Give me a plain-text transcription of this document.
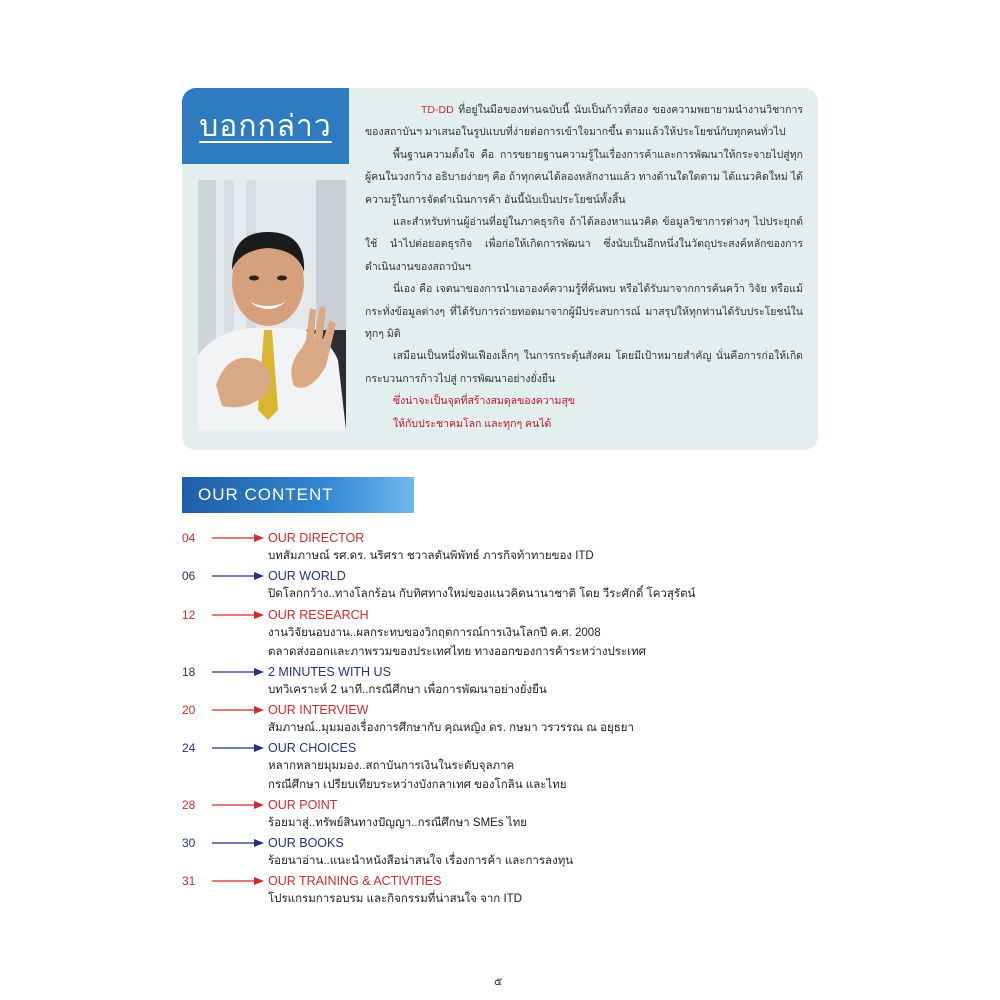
บอกกล่าว	TD-DD ที่อยู่ในมือของท่านฉบับนี้ นับเป็นก้าวที่สอง ของความพยายามนำงานวิชาการของสถาบันฯ มาเสนอในรูปแบบที่ง่ายต่อการเข้าใจมากขึ้น ตามแล้วให้ประโยชน์กับทุกคนทั่วไป

พื้นฐานความตั้งใจ คือ การขยายฐานความรู้ในเรื่องการค้าและการพัฒนาให้กระจายไปสู่ทุกผู้คนในวงกว้าง อธิบายง่ายๆ คือ ถ้าทุกคนได้ลองหลักงานแล้ว ทางด้านใดใดตาม ได้แนวคิดใหม่ ได้ความรู้ในการจัดดำเนินการค้า อันนี้นับเป็นประโยชน์ทั้งสิ้น

และสำหรับท่านผู้อ่านที่อยู่ในภาคธุรกิจ ถ้าได้ลองหาแนวคิด ข้อมูลวิชาการต่างๆ ไปประยุกต์ใช้ นำไปต่อยอดธุรกิจ เพื่อก่อให้เกิดการพัฒนา ซึ่งนับเป็นอีกหนึ่งในวัตถุประสงค์หลักของการดำเนินงานของสถาบันฯ

นี่เอง คือ เจตนาของการนำเอาองค์ความรู้ที่ค้นพบ หรือได้รับมาจากการค้นคว้า วิจัย หรือแม้กระทั่งข้อมูลต่างๆ ที่ได้รับการถ่ายทอดมาจากผู้มีประสบการณ์ มาสรุปให้ทุกท่านได้รับประโยชน์ในทุกๆ มิติ

เสมือนเป็นหนึ่งฟันเฟืองเล็กๆ ในการกระตุ้นสังคม โดยมีเป้าหมายสำคัญ นั่นคือการก่อให้เกิดกระบวนการก้าวไปสู่ การพัฒนาอย่างยั่งยืน

ซึ่งน่าจะเป็นจุดที่สร้างสมดุลของความสุข

ให้กับประชาคมโลก และทุกๆ คนได้

OUR CONTENT
04	OUR DIRECTOR
บทสัมภาษณ์ รศ.ดร. นริศรา ชวาลตันพิพัทธ์ ภารกิจท้าทายของ ITD
06	OUR WORLD
ปิดโลกกว้าง..ทางโลกร้อน กับทิศทางใหม่ของแนวคิดนานาชาติ โดย วีระศักดิ์ โควสุรัตน์
12	OUR RESEARCH
งานวิจัยนอบงาน..ผลกระทบของวิกฤตการณ์การเงินโลกปี ค.ศ. 2008
ตลาดส่งออกและภาพรวมของประเทศไทย ทางออกของการค้าระหว่างประเทศ
18	2 MINUTES WITH US
บทวิเคราะห์ 2 นาที..กรณีศึกษา เพื่อการพัฒนาอย่างยั่งยืน
20	OUR INTERVIEW
สัมภาษณ์..มุมมองเรื่องการศึกษากับ คุณหญิง ดร. กษมา วรวรรณ ณ อยุธยา
24	OUR CHOICES
หลากหลายมุมมอง..สถาบันการเงินในระดับจุลภาค
กรณีศึกษา เปรียบเทียบระหว่างบังกลาเทศ ของโกลิน และไทย
28	OUR POINT
ร้อยมาสู่..ทรัพย์สินทางปัญญา..กรณีศึกษา SMEs ไทย
30	OUR BOOKS
ร้อยนาอ่าน..แนะนำหนังสือน่าสนใจ เรื่องการค้า และการลงทุน
31	OUR TRAINING & ACTIVITIES
โปรแกรมการอบรม และกิจกรรมที่น่าสนใจ จาก ITD
๕
